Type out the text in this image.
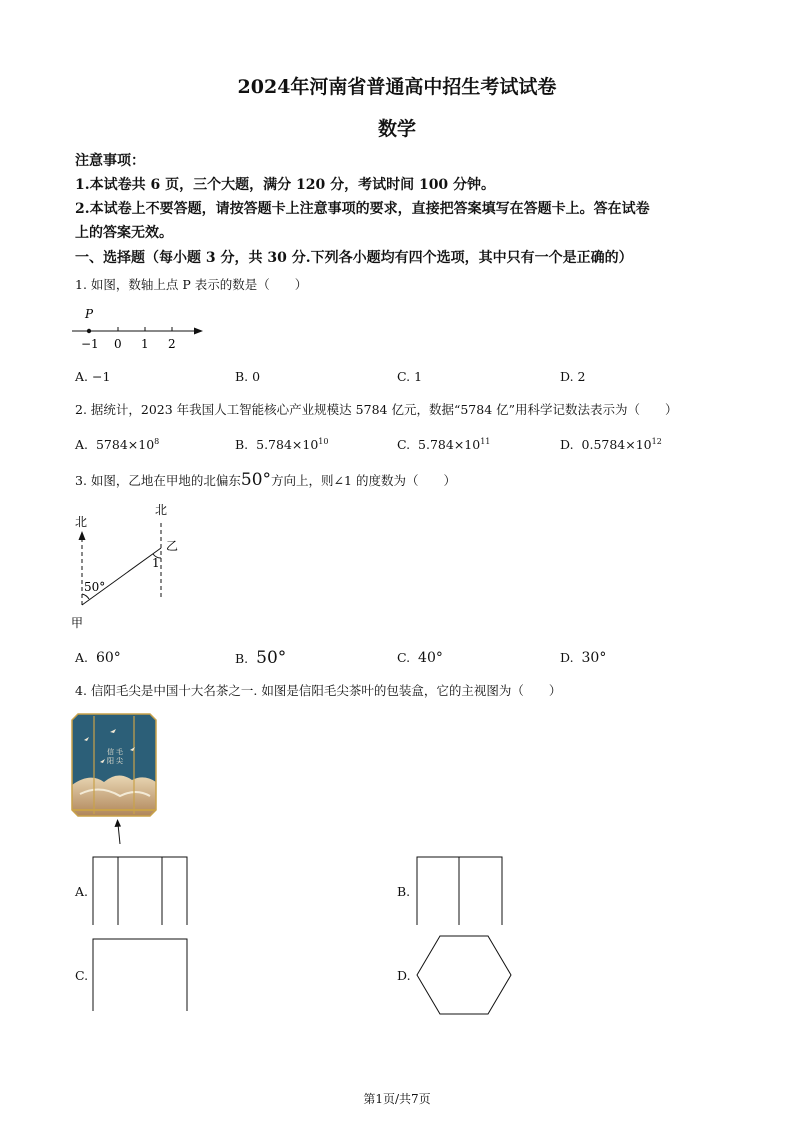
2024年河南省普通高中招生考试试卷
数学
注意事项：
1.本试卷共 6 页，三个大题，满分 120 分，考试时间 100 分钟。
2.本试卷上不要答题，请按答题卡上注意事项的要求，直接把答案填写在答题卡上。答在试卷
上的答案无效。
一、选择题（每小题 3 分，共 30 分.下列各小题均有四个选项，其中只有一个是正确的）
1. 如图，数轴上点 P 表示的数是（　　）
P
−1 0 1 2
A. −1	B. 0	C. 1	D. 2
2. 据统计，2023 年我国人工智能核心产业规模达 5784 亿元，数据“5784 亿”用科学记数法表示为（　　）
A. $5784\times 10^8$	B. $5.784\times 10^{10}$	C. $5.784\times 10^{11}$	D. $0.5784\times 10^{12}$
3. 如图，乙地在甲地的北偏东50°方向上，则∠1 的度数为（　　）
北
北
50°
1
乙
甲
A. 60°	B. 50°	C. 40°	D. 30°
4. 信阳毛尖是中国十大名茶之一. 如图是信阳毛尖茶叶的包装盒，它的主视图为（　　）
毛
尖
信
阳
A.	B.
C.	D.
第1页/共7页
